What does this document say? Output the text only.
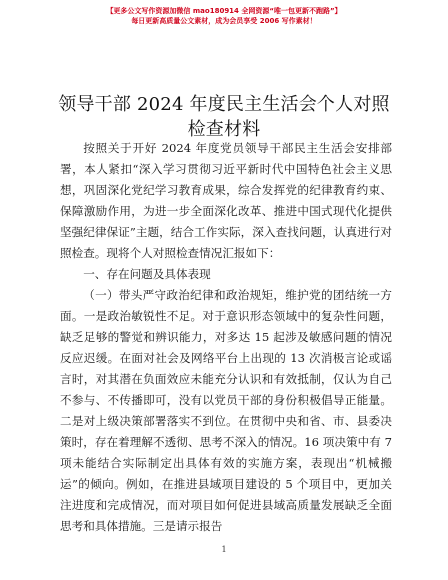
【更多公文写作资源加微信 mao180914 全网资源“唯一包更新不跑路”】
每日更新高质量公文素材，成为会员享受 2006 写作素材！
领导干部 2024 年度民主生活会个人对照检查材料

按照关于开好 2024 年度党员领导干部民主生活会安排部署，本人紧扣“深入学习贯彻习近平新时代中国特色社会主义思想，巩固深化党纪学习教育成果，综合发挥党的纪律教育约束、保障激励作用，为进一步全面深化改革、推进中国式现代化提供坚强纪律保证”主题，结合工作实际，深入查找问题，认真进行对照检查。现将个人对照检查情况汇报如下：

一、存在问题及具体表现

（一）带头严守政治纪律和政治规矩，维护党的团结统一方面。一是政治敏锐性不足。对于意识形态领域中的复杂性问题，缺乏足够的警觉和辨识能力，对多达 15 起涉及敏感问题的情况反应迟缓。在面对社会及网络平台上出现的 13 次消极言论或谣言时，对其潜在负面效应未能充分认识和有效抵制，仅认为自己不参与、不传播即可，没有以党员干部的身份积极倡导正能量。二是对上级决策部署落实不到位。在贯彻中央和省、市、县委决策时，存在着理解不透彻、思考不深入的情况。16 项决策中有 7 项未能结合实际制定出具体有效的实施方案，表现出“机械搬运”的倾向。例如，在推进县域项目建设的 5 个项目中，更加关注进度和完成情况，而对项目如何促进县域高质量发展缺乏全面思考和具体措施。三是请示报告

1
